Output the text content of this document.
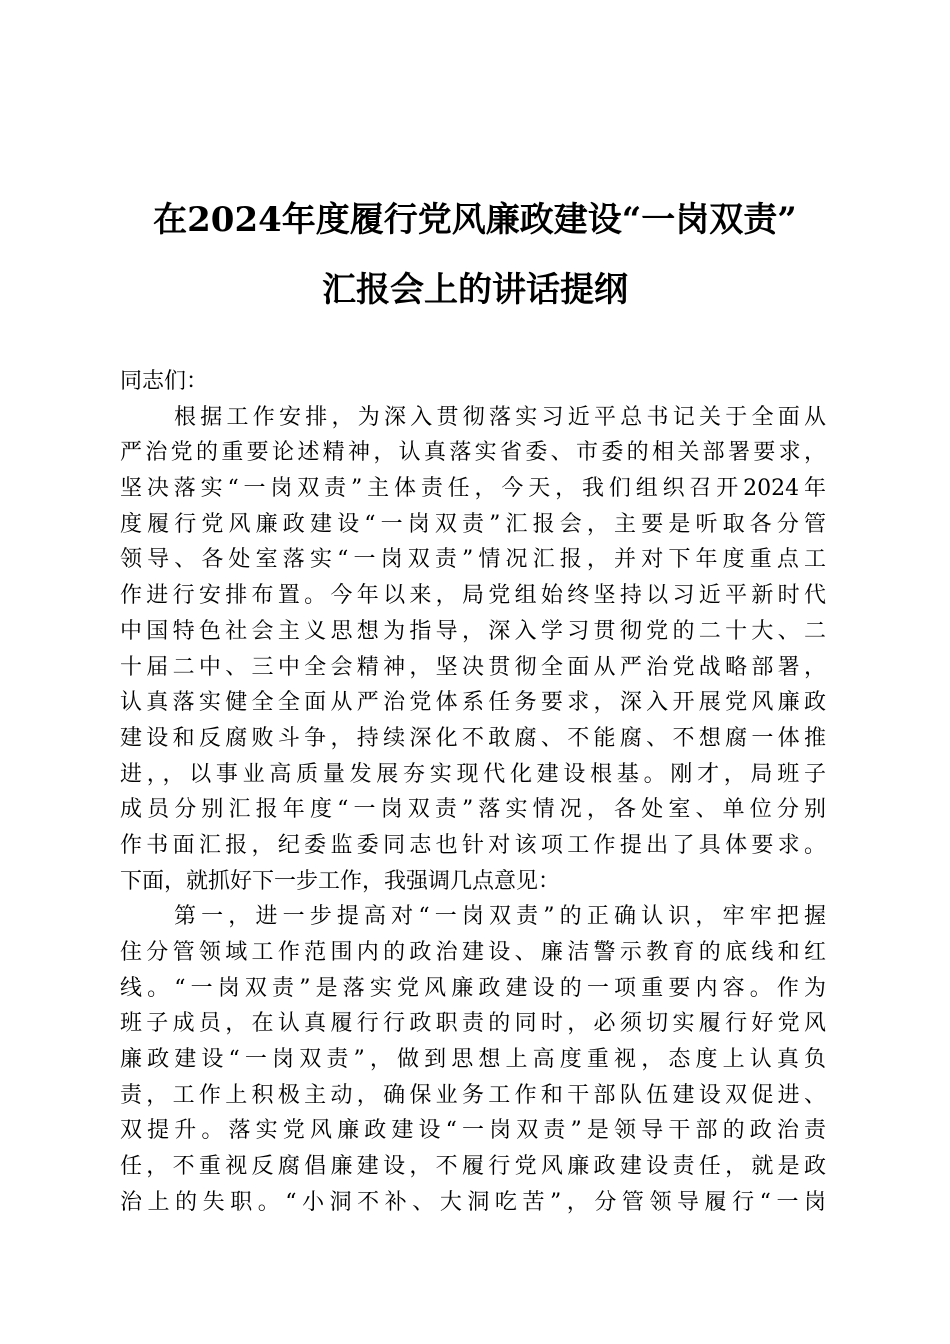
在2024年度履行党风廉政建设“一岗双责”
汇报会上的讲话提纲
同志们：
根据工作安排，为深入贯彻落实习近平总书记关于全面从
严治党的重要论述精神，认真落实省委、市委的相关部署要求，
坚决落实“一岗双责”主体责任，今天，我们组织召开2024年
度履行党风廉政建设“一岗双责”汇报会，主要是听取各分管
领导、各处室落实“一岗双责”情况汇报，并对下年度重点工
作进行安排布置。今年以来，局党组始终坚持以习近平新时代
中国特色社会主义思想为指导，深入学习贯彻党的二十大、二
十届二中、三中全会精神，坚决贯彻全面从严治党战略部署，
认真落实健全全面从严治党体系任务要求，深入开展党风廉政
建设和反腐败斗争，持续深化不敢腐、不能腐、不想腐一体推
进，，以事业高质量发展夯实现代化建设根基。刚才，局班子
成员分别汇报年度“一岗双责”落实情况，各处室、单位分别
作书面汇报，纪委监委同志也针对该项工作提出了具体要求。
下面，就抓好下一步工作，我强调几点意见：
第一，进一步提高对“一岗双责”的正确认识，牢牢把握
住分管领域工作范围内的政治建设、廉洁警示教育的底线和红
线。“一岗双责”是落实党风廉政建设的一项重要内容。作为
班子成员，在认真履行行政职责的同时，必须切实履行好党风
廉政建设“一岗双责”，做到思想上高度重视，态度上认真负
责，工作上积极主动，确保业务工作和干部队伍建设双促进、
双提升。落实党风廉政建设“一岗双责”是领导干部的政治责
任，不重视反腐倡廉建设，不履行党风廉政建设责任，就是政
治上的失职。“小洞不补、大洞吃苦”，分管领导履行“一岗
